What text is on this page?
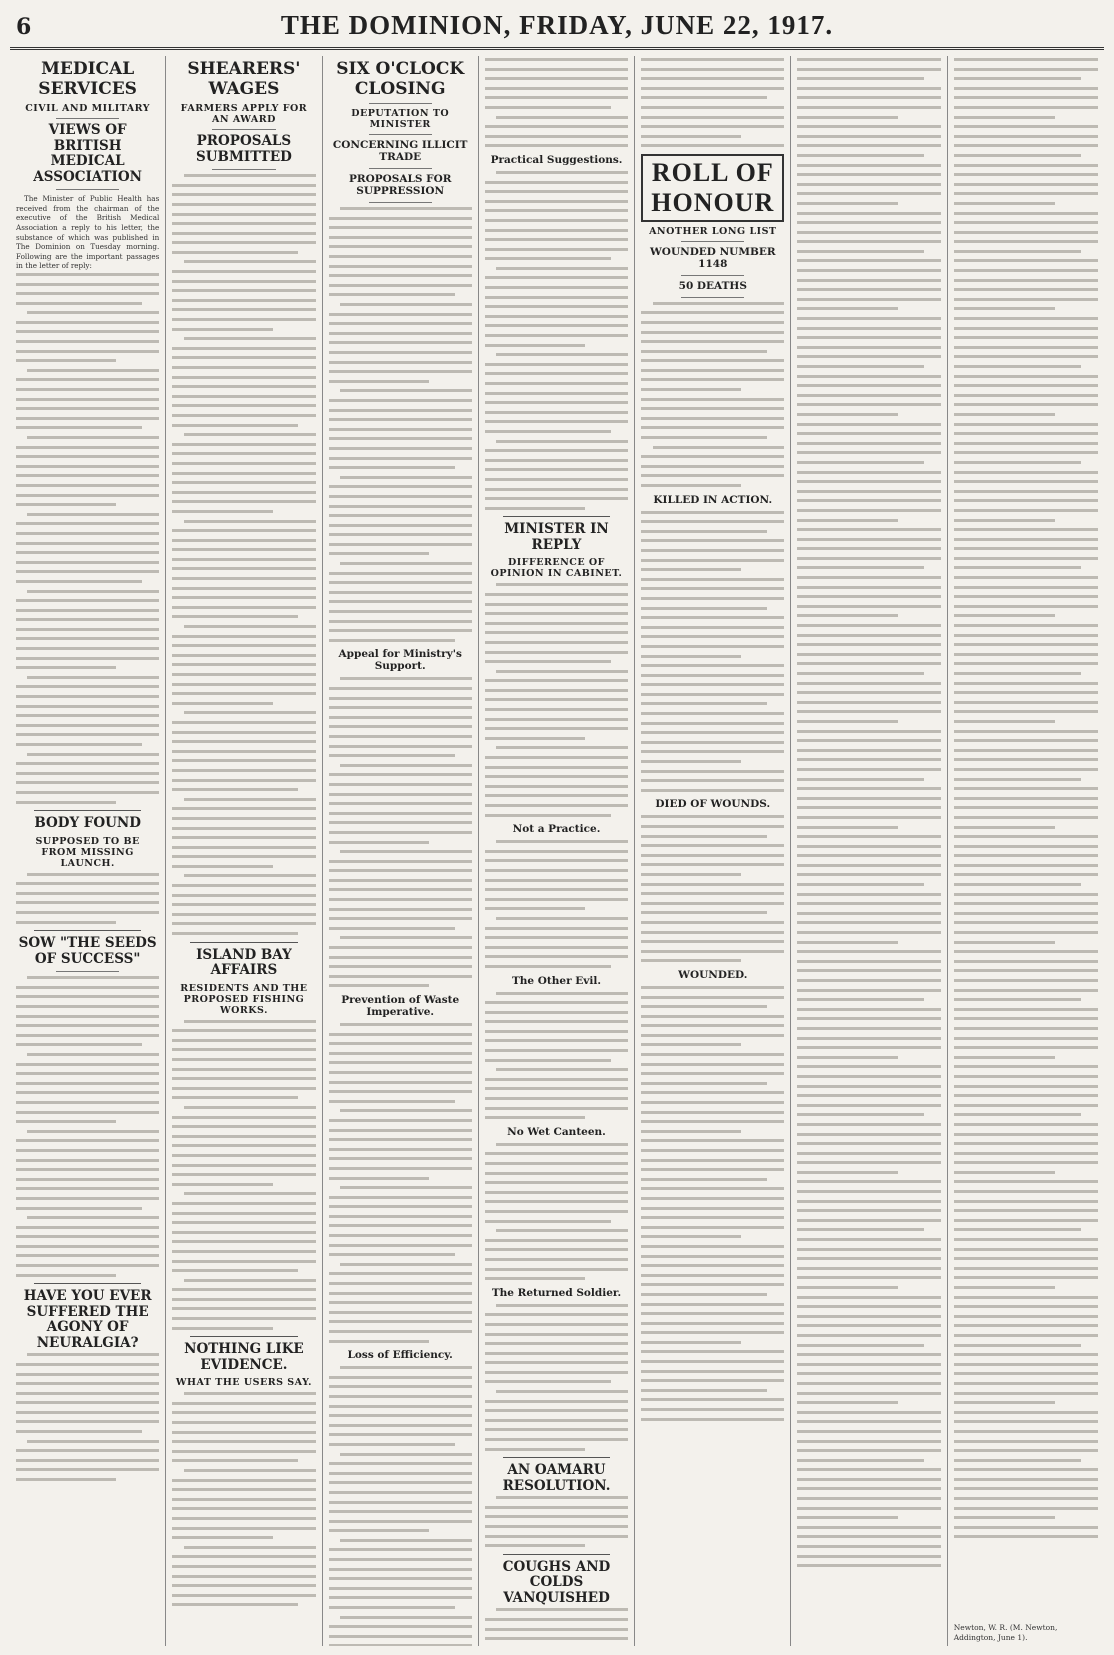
6	THE DOMINION, FRIDAY, JUNE 22, 1917.
MEDICAL SERVICES
CIVIL AND MILITARY
VIEWS OF BRITISH MEDICAL ASSOCIATION

The Minister of Public Health has received from the chairman of the executive of the British Medical Association a reply to his letter, the substance of which was published in The Dominion on Tuesday morning. Following are the important passages in the letter of reply:

BODY FOUND
SUPPOSED TO BE FROM MISSING LAUNCH.
SOW "THE SEEDS OF SUCCESS"
HAVE YOU EVER SUFFERED THE AGONY OF NEURALGIA?
SHEARERS' WAGES
FARMERS APPLY FOR AN AWARD
PROPOSALS SUBMITTED
ISLAND BAY AFFAIRS
RESIDENTS AND THE PROPOSED FISHING WORKS.
NOTHING LIKE EVIDENCE.
WHAT THE USERS SAY.
SIX O'CLOCK CLOSING
DEPUTATION TO MINISTER
CONCERNING ILLICIT TRADE
PROPOSALS FOR SUPPRESSION
Appeal for Ministry's Support.
Prevention of Waste Imperative.
Loss of Efficiency.
Practical Suggestions.
MINISTER IN REPLY
DIFFERENCE OF OPINION IN CABINET.
Not a Practice.
The Other Evil.
No Wet Canteen.
The Returned Soldier.
AN OAMARU RESOLUTION.
COUGHS AND COLDS VANQUISHED
ROLL OF HONOUR
ANOTHER LONG LIST
WOUNDED NUMBER 1148
50 DEATHS
KILLED IN ACTION.
DIED OF WOUNDS.
WOUNDED.
Newton, W. R. (M. Newton, Addington, June 1).
